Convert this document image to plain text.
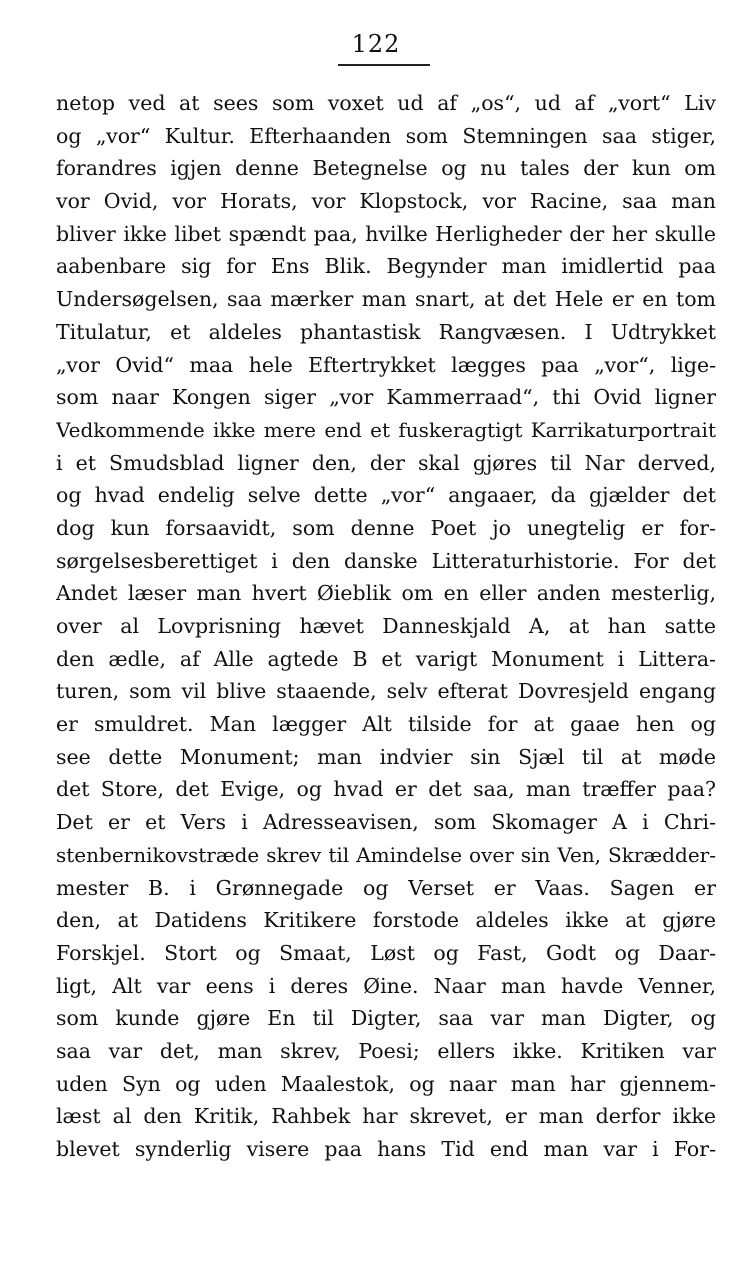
122
netop ved at sees som voxet ud af „os“, ud af „vort“ Liv
og „vor“ Kultur. Efterhaanden som Stemningen saa stiger,
forandres igjen denne Betegnelse og nu tales der kun om
vor Ovid, vor Horats, vor Klopstock, vor Racine, saa man
bliver ikke libet spændt paa, hvilke Herligheder der her skulle
aabenbare sig for Ens Blik. Begynder man imidlertid paa
Undersøgelsen, saa mærker man snart, at det Hele er en tom
Titulatur, et aldeles phantastisk Rangvæsen. I Udtrykket
„vor Ovid“ maa hele Eftertrykket lægges paa „vor“, lige-
som naar Kongen siger „vor Kammerraad“, thi Ovid ligner
Vedkommende ikke mere end et fuskeragtigt Karrikaturportrait
i et Smudsblad ligner den, der skal gjøres til Nar derved,
og hvad endelig selve dette „vor“ angaaer, da gjælder det
dog kun forsaavidt, som denne Poet jo unegtelig er for-
sørgelsesberettiget i den danske Litteraturhistorie. For det
Andet læser man hvert Øieblik om en eller anden mesterlig,
over al Lovprisning hævet Danneskjald A, at han satte
den ædle, af Alle agtede B et varigt Monument i Littera-
turen, som vil blive staaende, selv efterat Dovresjeld engang
er smuldret. Man lægger Alt tilside for at gaae hen og
see dette Monument; man indvier sin Sjæl til at møde
det Store, det Evige, og hvad er det saa, man træffer paa?
Det er et Vers i Adresseavisen, som Skomager A i Chri-
stenbernikovstræde skrev til Amindelse over sin Ven, Skrædder-
mester B. i Grønnegade og Verset er Vaas. Sagen er
den, at Datidens Kritikere forstode aldeles ikke at gjøre
Forskjel. Stort og Smaat, Løst og Fast, Godt og Daar-
ligt, Alt var eens i deres Øine. Naar man havde Venner,
som kunde gjøre En til Digter, saa var man Digter, og
saa var det, man skrev, Poesi; ellers ikke. Kritiken var
uden Syn og uden Maalestok, og naar man har gjennem-
læst al den Kritik, Rahbek har skrevet, er man derfor ikke
blevet synderlig visere paa hans Tid end man var i For-
